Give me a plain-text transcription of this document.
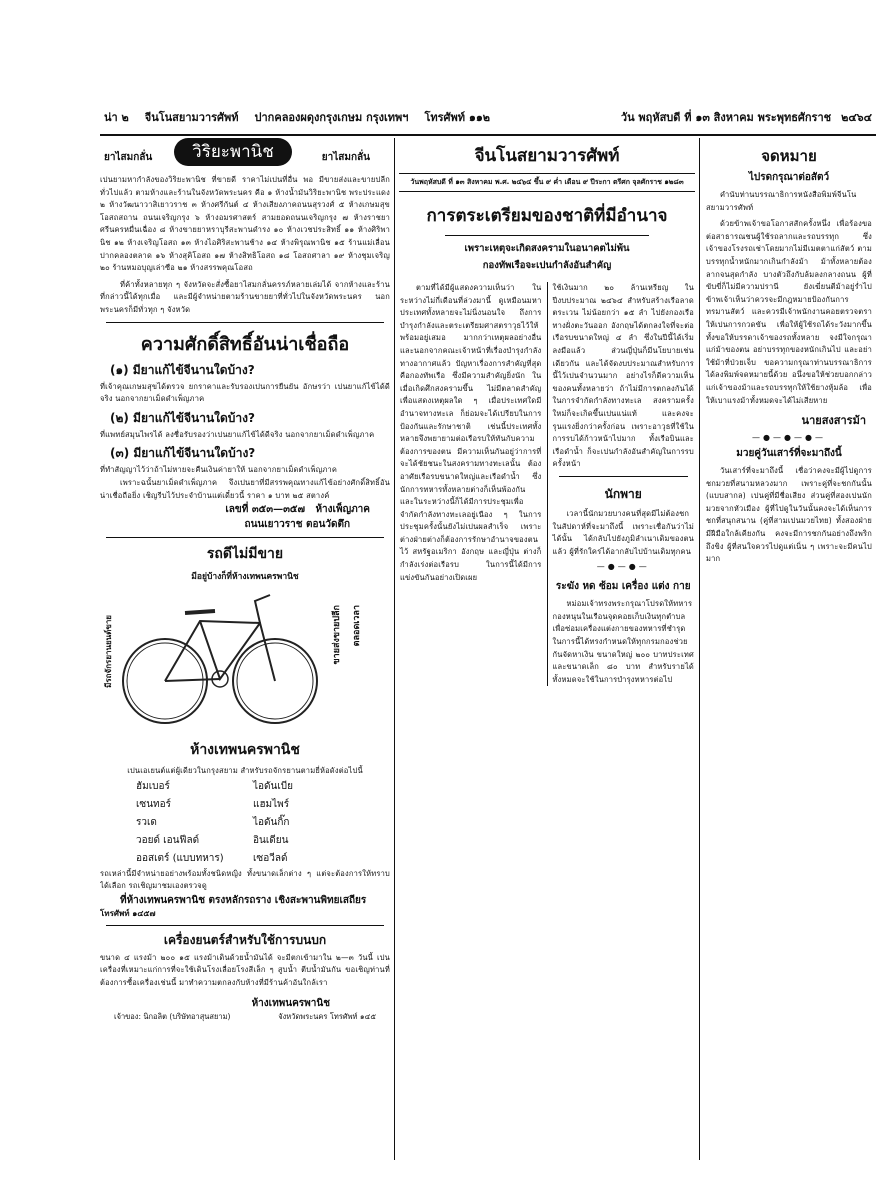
น่า ๒ จีนโนสยามวารศัพท์ ปากคลองผดุงกรุงเกษม กรุงเทพฯ โทรศัพท์ ๑๑๒	วัน พฤหัสบดี ที่ ๑๓ สิงหาคม พระพุทธศักราช ๒๔๖๔
ยาไสมกลั่น	วิริยะพานิช	ยาไสมกลั่น
เปนยามหากำลังของวิริยะพานิช ที่ขายดี ราคาไม่เปนที่อื่น พอ มีขายส่งและขายปลีกทั่วไปแล้ว ตามห้างและร้านในจังหวัดพระนคร คือ ๑ ห้างน้ำมันวิริยะพานิช พระประแดง ๒ ห้างวัฒนาวาสิเยาวราช ๓ ห้างศรีกันต์ ๔ ห้างเสียงภาคถนนสุรวงศ์ ๕ ห้างเกษมสุขโอสถสถาน ถนนเจริญกรุง ๖ ห้างอมรศาสตร์ สามยอดถนนเจริญกรุง ๗ ห้างราชยาศรีนครหมื่นเฉื่อง ๘ ห้างขายยาหราบุรีสะพานดำรง ๑๐ ห้างเวชประสิทธิ์ ๑๑ ห้างศิริพานิช ๑๒ ห้างเจริญโอสถ ๑๓ ห้างไอศิริสะพานช้าง ๑๔ ห้างพิรุณพานิช ๑๕ ร้านแม่เลื่อนปากคลองตลาด ๑๖ ห้างสุคิโอสถ ๑๗ ห้างสิทธิโอสถ ๑๘ โอสถศาลา ๑๙ ห้างชุมเจริญ ๒๐ ร้านหมอบุญเล่าซือ ๒๑ ห้างสรรพคุณโอสถ
ที่ค้าทั้งหลายทุก ๆ จังหวัดจะสั่งซื้อยาไสมกลั่นครรภ์หลายเล่มได้ จากห้างและร้านที่กล่าวนี้ได้ทุกเมื่อ และมีผู้จำหน่ายตามร้านขายยาที่ทั่วไปในจังหวัดพระนคร นอกพระนครก็มีทั่วทุก ๆ จังหวัด
ความศักดิ์สิทธิ์อันน่าเชื่อถือ
(๑) มียาแก้ไข้จีนานใดบ้าง?
ที่เจ้าคุณเกษมสุขได้ตรวจ ยกราคาและรับรองเปนการยืนยัน อักษรว่า เปนยาแก้ไข้ได้ดีจริง นอกจากยาเม็ดดำเพ็ญภาค
(๒) มียาแก้ไข้จีนานใดบ้าง?
ที่แพทย์สมุนไพรได้ ลงชื่อรับรองว่าเปนยาแก้ไข้ได้ดีจริง นอกจากยาเม็ดดำเพ็ญภาค
(๓) มียาแก้ไข้จีนานใดบ้าง?
ที่ทำสัญญาไว้ว่าถ้าไม่หายจะคืนเงินค่ายาให้ นอกจากยาเม็ดดำเพ็ญภาค
เพราะฉนั้นยาเม็ดดำเพ็ญภาค จึงเปนยาที่มีสรรพคุณทางแก้ไข้อย่างศักดิ์สิทธิ์อันน่าเชื่อถือยิ่ง เชิญรีบไว้ประจำบ้านแต่เดี๋ยวนี้ ราคา ๑ บาท ๒๕ สตางค์
เลขที่ ๓๕๓—๓๕๗ ห้างเพ็ญภาค
ถนนเยาวราช ตอนวัดตึก
รถดีไม่มีขาย
มีอยู่บ้างก็ที่ห้างเทพนครพานิช
มีรถจักรยานยนต์ขาย	ขายส่งขายปลีก ตลอดเวลา
ห้างเทพนครพานิช
เปนเอเยนต์แต่ผู้เดียวในกรุงสยาม สำหรับรถจักรยานตามยี่ห้อดังต่อไปนี้
ฮัมเบอร์	ไอดันเบีย
เซนทอร์	แฮมไพร์
รวเด	ไอดันกิ๊ก
วอยด์ เอนฟีลด์	อินเดียน
ออสเตร์ (แบบทหาร)	เซอวีลด์
รถเหล่านี้มีจำหน่ายอย่างพร้อมทั้งชนิดหญิง ทั้งขนาดเล็กต่าง ๆ แต่จะต้องการให้ทราบได้เลือก รถเชิญมาชมเองตรวจดู
ที่ห้างเทพนครพานิช ตรงหลักรถราง เชิงสะพานพิทยเสถียร
โทรศัพท์ ๑๔๕๗
เครื่องยนตร์สำหรับใช้การบนบก
ขนาด ๔ แรงม้า ๒๐๐ ๑๕ แรงม้าเดินด้วยน้ำมันได้ จะมีตกเข้ามาใน ๒—๓ วันนี้ เปนเครื่องที่เหมาะแก่การที่จะใช้เดินโรงเลื่อยโรงสีเล็ก ๆ สูบน้ำ ตีบน้ำมันกัน ขอเชิญท่านที่ต้องการซื้อเครื่องเช่นนี้ มาทำความตกลงกับห้างที่มีร้านค้าอันใกล้เรา
ห้างเทพนครพานิช
เจ้าของ: นิกอลิต (บริษัทอาสุนสยาม)	จังหวัดพระนคร โทรศัพท์ ๑๔๕
จีนโนสยามวารศัพท์
วันพฤหัสบดี ที่ ๑๓ สิงหาคม พ.ศ. ๒๔๖๔ ขึ้น ๙ ค่ำ เดือน ๙ ปีระกา ตรีศก จุลศักราช ๑๒๘๓
การตระเตรียมของชาติที่มีอำนาจ
เพราะเหตุจะเกิดสงครามในอนาคตไม่พ้น
กองทัพเรือจะเปนกำลังอันสำคัญ
ตามที่ได้มีผู้แสดงความเห็นว่า ในระหว่างไม่กี่เดือนที่ล่วงมานี้ ดูเหมือนมหาประเทศทั้งหลายจะไม่นิ่งนอนใจ ถึงการบำรุงกำลังและตระเตรียมศาสตราวุธไว้ให้พร้อมอยู่เสมอ มากกว่าเหตุผลอย่างอื่น และนอกจากคณะเจ้าหน้าที่เรื่องบำรุงกำลังทางอากาศแล้ว ปัญหาเรื่องการสำคัญที่สุดคือกองทัพเรือ ซึ่งมีความสำคัญยิ่งนัก ในเมื่อเกิดศึกสงครามขึ้น ไม่มีตลาดสำคัญเพื่อแสดงเหตุผลใด ๆ เมื่อประเทศใดมีอำนาจทางทะเล ก็ย่อมจะได้เปรียบในการป้องกันและรักษาชาติ เช่นนี้ประเทศทั้งหลายจึงพยายามต่อเรือรบให้ทันกับความต้องการของตน มีความเห็นกันอยู่ว่าการที่จะได้ชัยชนะในสงครามทางทะเลนั้น ต้องอาศัยเรือรบขนาดใหญ่และเรือดำน้ำ ซึ่งนักการทหารทั้งหลายต่างก็เห็นพ้องกัน และในระหว่างนี้ก็ได้มีการประชุมเพื่อจำกัดกำลังทางทะเลอยู่เนือง ๆ ในการประชุมครั้งนั้นยังไม่เปนผลสำเร็จ เพราะต่างฝ่ายต่างก็ต้องการรักษาอำนาจของตนไว้ สหรัฐอเมริกา อังกฤษ และญี่ปุ่น ต่างก็กำลังเร่งต่อเรือรบ ในการนี้ได้มีการแข่งขันกันอย่างเปิดเผย
ใช้เงินมาก ๒๐ ล้านเหรียญ ในปีงบประมาณ ๒๔๖๔ สำหรับสร้างเรือลาดตระเวน ไม่น้อยกว่า ๑๕ ลำ ไปยังกองเรือทางฝั่งตะวันออก อังกฤษได้ตกลงใจที่จะต่อเรือรบขนาดใหญ่ ๔ ลำ ซึ่งในปีนี้ได้เริ่มลงมือแล้ว ส่วนญี่ปุ่นก็มีนโยบายเช่นเดียวกัน และได้จัดงบประมาณสำหรับการนี้ไว้เปนจำนวนมาก อย่างไรก็ดีความเห็นของคนทั้งหลายว่า ถ้าไม่มีการตกลงกันได้ในการจำกัดกำลังทางทะเล สงครามครั้งใหม่ก็จะเกิดขึ้นเปนแน่แท้ และคงจะรุนแรงยิ่งกว่าครั้งก่อน เพราะอาวุธที่ใช้ในการรบได้ก้าวหน้าไปมาก ทั้งเรือบินและเรือดำน้ำ ก็จะเปนกำลังอันสำคัญในการรบครั้งหน้า
นักพาย
เวลานี้นักมวยบางคนที่สุดมีไม่ต้องชกในสัปดาห์ที่จะมาถึงนี้ เพราะเชื่อกันว่าไม่ได้นั้น ได้กลับไปยังภูมิลำเนาเดิมของตนแล้ว ผู้ที่รักใคร่ได้อากลับไปบ้านเดิมทุกคน
—●—●—
ระฆัง หด ซ้อม เครื่อง แต่ง กาย
หม่อมเจ้าทรงพระกรุณาโปรดให้ทหารกองหนุนในเรือนจุดคอยเก็บเงินทุกตำบล เพื่อซ่อมเครื่องแต่งกายของทหารที่ชำรุด ในการนี้ได้ทรงกำหนดให้ทุกกรมกองช่วยกันจัดหาเงิน ขนาดใหญ่ ๒๐๐ บาทประเทศ และขนาดเล็ก ๘๐ บาท สำหรับรายได้ทั้งหมดจะใช้ในการบำรุงทหารต่อไป
จดหมาย
ไปรดกรุณาต่อสัตว์
คำนับท่านบรรณาธิการหนังสือพิมพ์จีนโนสยามวารศัพท์
ด้วยข้าพเจ้าขอโอกาสสักครั้งหนึ่ง เพื่อร้องขอต่อสาธารณชนผู้ใช้รถลากและรถบรรทุก ซึ่งเจ้าของโรงรถเช่าโดยมากไม่มีเมตตาแก่สัตว์ ตามบรรทุกน้ำหนักมากเกินกำลังม้า ม้าทั้งหลายต้องลากจนสุดกำลัง บางตัวถึงกับล้มลงกลางถนน ผู้ที่ขับขี่ก็ไม่มีความปรานี ยังเฆี่ยนตีม้าอยู่ร่ำไป ข้าพเจ้าเห็นว่าควรจะมีกฎหมายป้องกันการทรมานสัตว์ และควรมีเจ้าพนักงานคอยตรวจตราให้เปนการกวดขัน เพื่อให้ผู้ใช้รถได้ระวังมากขึ้น ทั้งขอให้บรรดาเจ้าของรถทั้งหลาย จงมีใจกรุณาแก่ม้าของตน อย่าบรรทุกของหนักเกินไป และอย่าใช้ม้าที่ป่วยเจ็บ ขอความกรุณาท่านบรรณาธิการได้ลงพิมพ์จดหมายนี้ด้วย อนึ่งขอให้ช่วยบอกกล่าวแก่เจ้าของม้าและรถบรรทุกให้ใช้ยางหุ้มล้อ เพื่อให้เบาแรงม้าทั้งหมดจะได้ไม่เสียหาย
นายสงสารม้า
—●—●—●—
มวยคู่วันเสาร์ที่จะมาถึงนี้
วันเสาร์ที่จะมาถึงนี้ เชื่อว่าคงจะมีผู้ไปดูการชกมวยที่สนามหลวงมาก เพราะคู่ที่จะชกกันนั้น (แบบสากล) เปนคู่ที่มีชื่อเสียง ส่วนคู่ที่สองเปนนักมวยจากหัวเมือง ผู้ที่ไปดูในวันนั้นคงจะได้เห็นการชกที่สนุกสนาน (คู่ที่สามเปนมวยไทย) ทั้งสองฝ่ายมีฝีมือใกล้เคียงกัน คงจะมีการชกกันอย่างถึงพริกถึงขิง ผู้ที่สนใจควรไปดูแต่เนิ่น ๆ เพราะจะมีคนไปมาก
